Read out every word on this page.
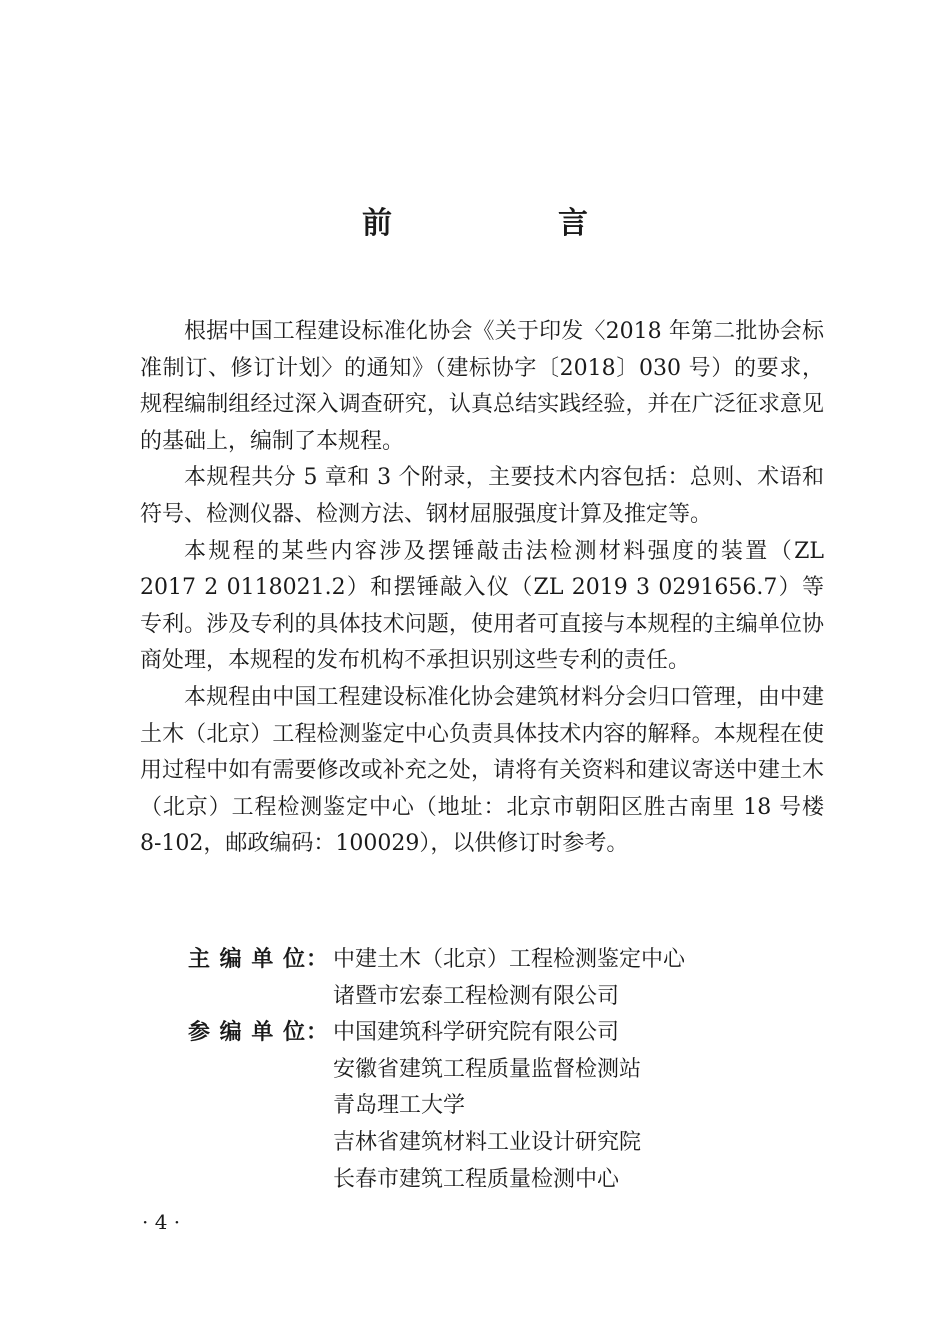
前　言

根据中国工程建设标准化协会《关于印发〈2018 年第二批协会标准制订、修订计划〉的通知》（建标协字〔2018〕030 号）的要求，规程编制组经过深入调查研究，认真总结实践经验，并在广泛征求意见的基础上，编制了本规程。

本规程共分 5 章和 3 个附录，主要技术内容包括：总则、术语和符号、检测仪器、检测方法、钢材屈服强度计算及推定等。

本规程的某些内容涉及摆锤敲击法检测材料强度的装置（ZL 2017 2 0118021.2）和摆锤敲入仪（ZL 2019 3 0291656.7）等专利。涉及专利的具体技术问题，使用者可直接与本规程的主编单位协商处理，本规程的发布机构不承担识别这些专利的责任。

本规程由中国工程建设标准化协会建筑材料分会归口管理，由中建土木（北京）工程检测鉴定中心负责具体技术内容的解释。本规程在使用过程中如有需要修改或补充之处，请将有关资料和建议寄送中建土木（北京）工程检测鉴定中心（地址：北京市朝阳区胜古南里 18 号楼 8-102，邮政编码：100029），以供修订时参考。

主 编 单 位： 中建土木（北京）工程检测鉴定中心
诸暨市宏泰工程检测有限公司
参 编 单 位： 中国建筑科学研究院有限公司
安徽省建筑工程质量监督检测站
青岛理工大学
吉林省建筑材料工业设计研究院
长春市建筑工程质量检测中心
· 4 ·
